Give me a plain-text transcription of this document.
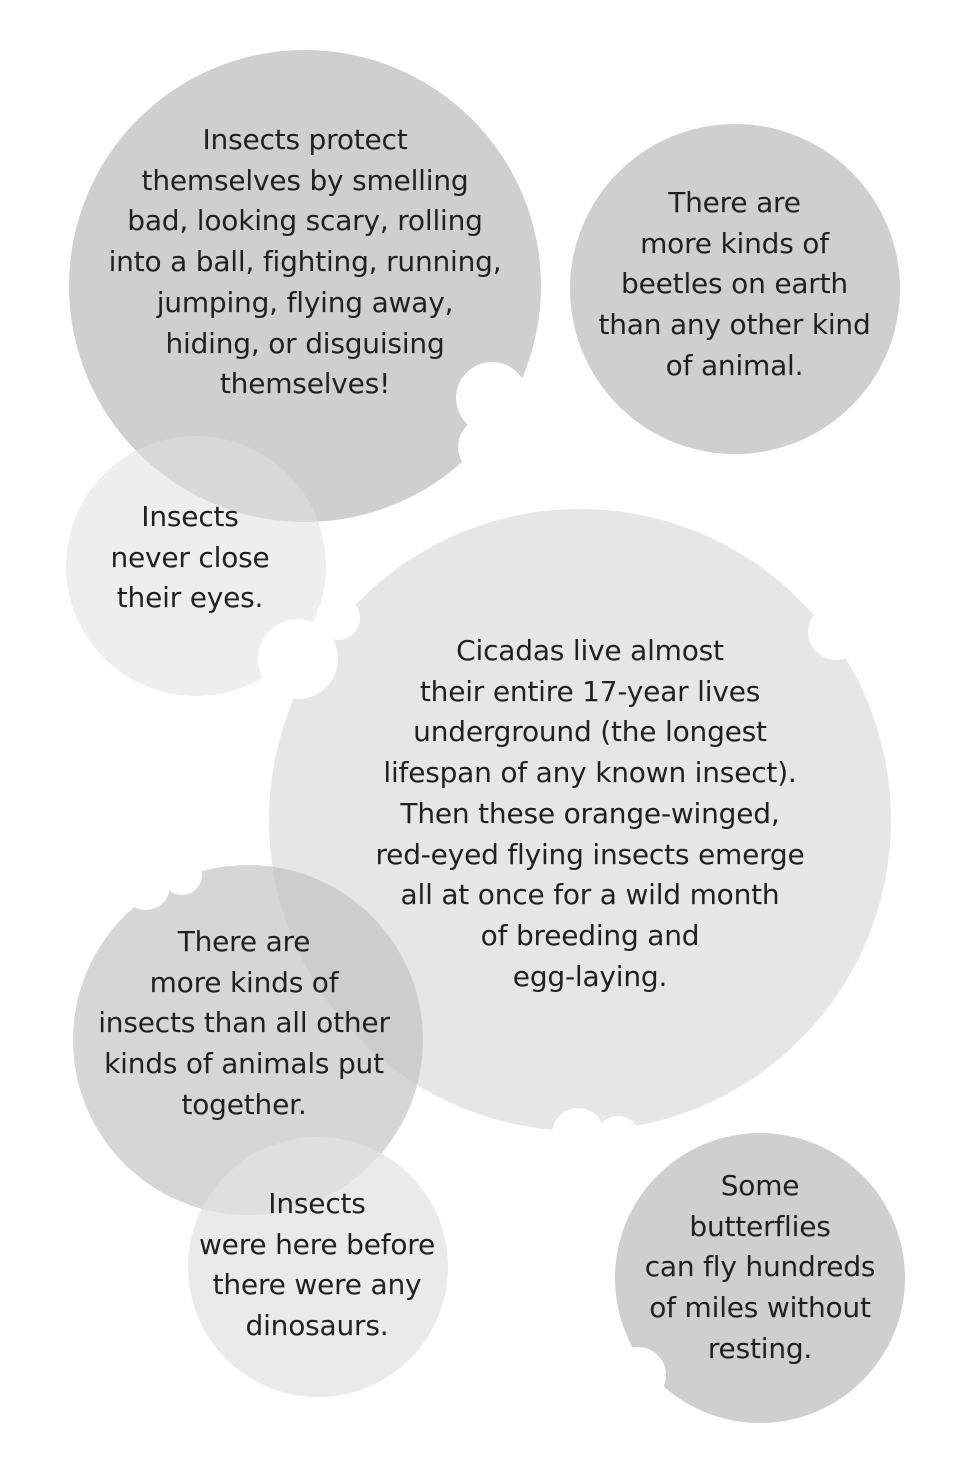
Insects protect
themselves by smelling
bad, looking scary, rolling
into a ball, fighting, running,
jumping, flying away,
hiding, or disguising
themselves!

There are
more kinds of
beetles on earth
than any other kind
of animal.

Insects
never close
their eyes.

Cicadas live almost
their entire 17-year lives
underground (the longest
lifespan of any known insect).
Then these orange-winged,
red-eyed flying insects emerge
all at once for a wild month
of breeding and
egg-laying.

There are
more kinds of
insects than all other
kinds of animals put
together.

Insects
were here before
there were any
dinosaurs.

Some
butterflies
can fly hundreds
of miles without
resting.
